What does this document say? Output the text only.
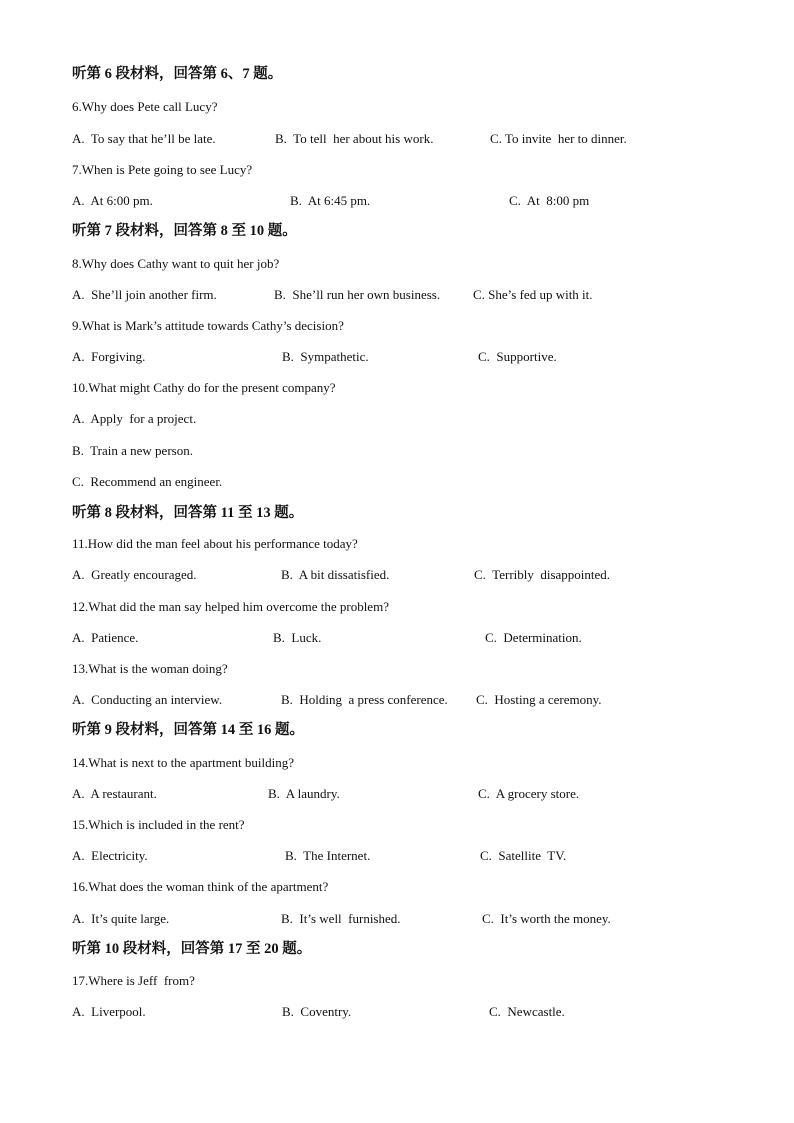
听第 6 段材料，回答第 6、7 题。
6.Why does Pete call Lucy?
A.  To say that he’ll be late.	B.  To tell  her about his work.	C. To invite  her to dinner.
7.When is Pete going to see Lucy?
A.  At 6:00 pm.	B.  At 6:45 pm.	C.  At  8:00 pm
听第 7 段材料，回答第 8 至 10 题。
8.Why does Cathy want to quit her job?
A.  She’ll join another firm.	B.  She’ll run her own business.	C. She’s fed up with it.
9.What is Mark’s attitude towards Cathy’s decision?
A.  Forgiving.	B.  Sympathetic.	C.  Supportive.
10.What might Cathy do for the present company?
A.  Apply  for a project.
B.  Train a new person.
C.  Recommend an engineer.
听第 8 段材料，回答第 11 至 13 题。
11.How did the man feel about his performance today?
A.  Greatly encouraged.	B.  A bit dissatisfied.	C.  Terribly  disappointed.
12.What did the man say helped him overcome the problem?
A.  Patience.	B.  Luck.	C.  Determination.
13.What is the woman doing?
A.  Conducting an interview.	B.  Holding  a press conference. C.  Hosting a ceremony.
听第 9 段材料，回答第 14 至 16 题。
14.What is next to the apartment building?
A.  A restaurant.	B.  A laundry.	C.  A grocery store.
15.Which is included in the rent?
A.  Electricity.	B.  The Internet.	C.  Satellite  TV.
16.What does the woman think of the apartment?
A.  It’s quite large.	B.  It’s well  furnished.	C.  It’s worth the money.
听第 10 段材料，回答第 17 至 20 题。
17.Where is Jeff  from?
A.  Liverpool.	B.  Coventry.	C.  Newcastle.
